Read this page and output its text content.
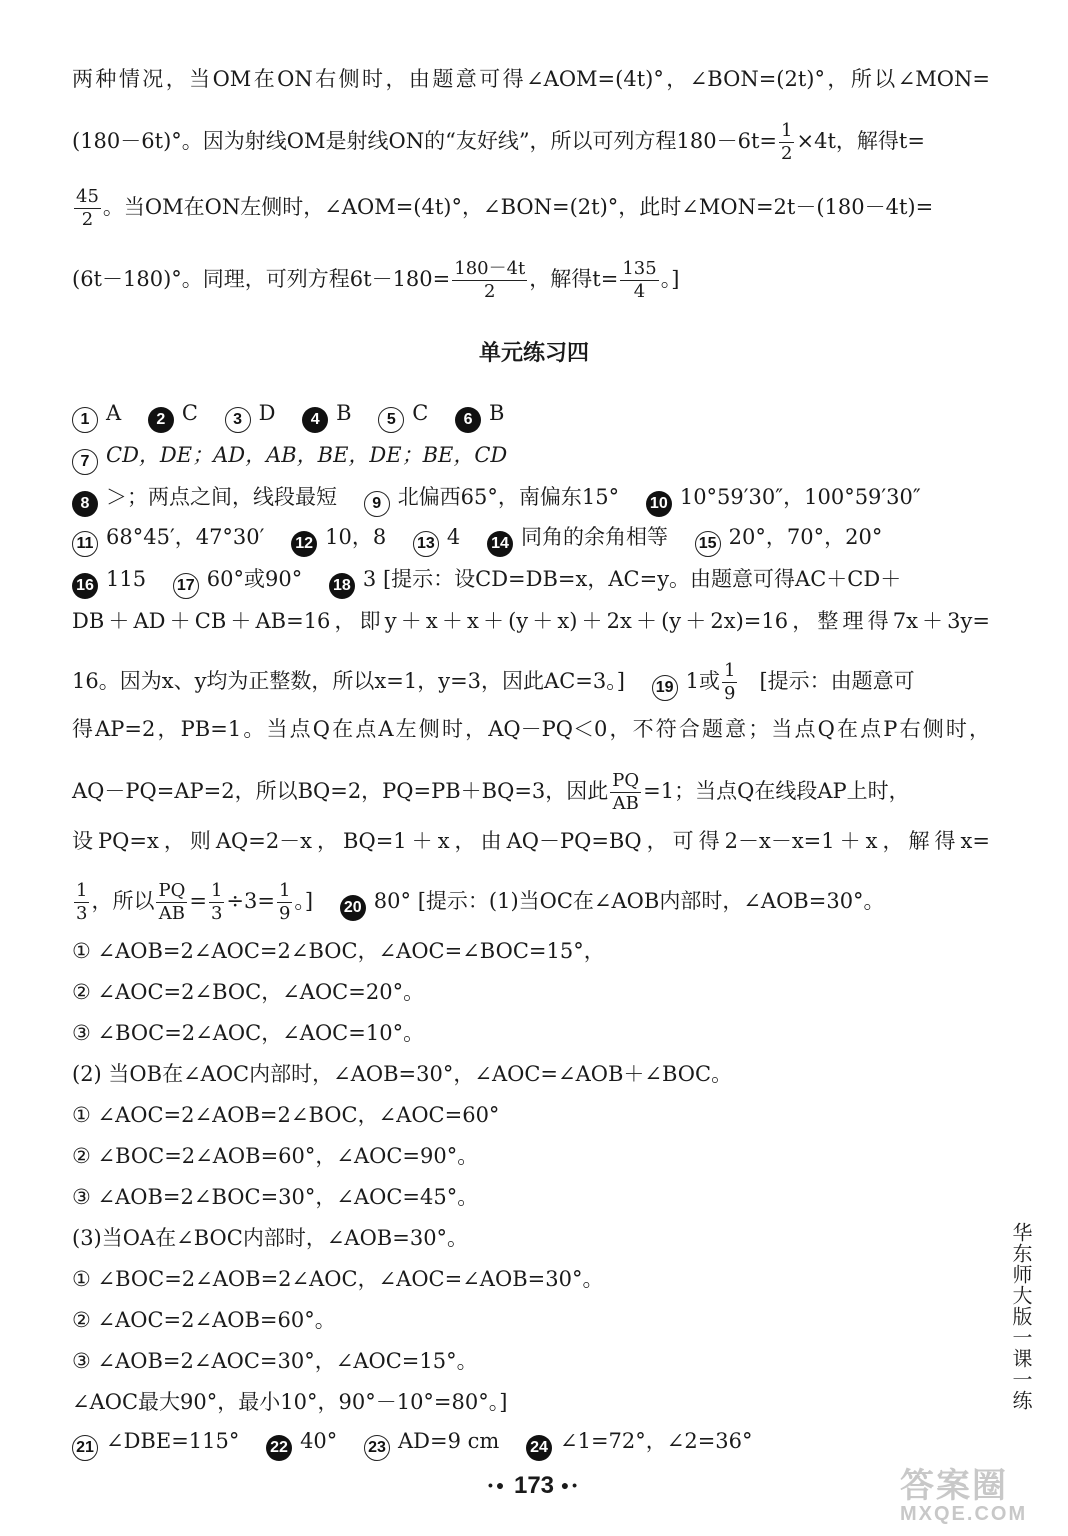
两种情况，当OM在ON右侧时，由题意可得∠AOM=(4t)°，∠BON=(2t)°，所以∠MON=
(180－6t)°。因为射线OM是射线ON的“友好线”，所以可列方程$180-6t= \frac{1}{2} \times 4t$，解得t=
$\frac{45}{2}$ 。当OM在ON左侧时，∠AOM=(4t)°，∠BON=(2t)°，此时∠MON=2t－(180－4t)=
(6t－180)°。同理，可列方程$6t-180= \frac{180-4t}{2}$ ，解得$t= \frac{135}{4}$ 。]
单元练习四
1 A 2 C 3 D 4 B 5 C 6 B
7 CD，DE；AD，AB，BE，DE；BE，CD
8 ＞；两点之间，线段最短 9 北偏西65°，南偏东15° 10 10°59′30″，100°59′30″
11 68°45′，47°30′ 12 10，8 13 4 14 同角的余角相等 15 20°，70°，20°
16 115 17 60°或90° 18 3 [提示：设CD=DB=x，AC=y。由题意可得AC＋CD＋
DB＋AD＋CB＋AB=16，即y＋x＋x＋(y＋x)＋2x＋(y＋2x)=16，整理得7x＋3y=
16。因为x、y均为正整数，所以x=1，y=3，因此AC=3。] 19 1或 $\frac{1}{9}$ [提示：由题意可
得AP=2，PB=1。当点Q在点A左侧时，AQ－PQ＜0，不符合题意；当点Q在点P右侧时，
AQ－PQ=AP=2，所以BQ=2，PQ=PB＋BQ=3，因此 $\frac{PQ}{AB} =1$；当点Q在线段AP上时，
设PQ=x，则AQ=2－x，BQ=1＋x，由AQ－PQ=BQ，可得2－x－x=1＋x，解得x=
$\frac{1}{3}$ ，所以 $\frac{PQ}{AB} = \frac{1}{3} \div 3= \frac{1}{9}$ 。] 20 80° [提示：(1)当OC在∠AOB内部时，∠AOB=30°。
① ∠AOB=2∠AOC=2∠BOC，∠AOC=∠BOC=15°，
② ∠AOC=2∠BOC，∠AOC=20°。
③ ∠BOC=2∠AOC，∠AOC=10°。
(2) 当OB在∠AOC内部时，∠AOB=30°，∠AOC=∠AOB＋∠BOC。
① ∠AOC=2∠AOB=2∠BOC，∠AOC=60°
② ∠BOC=2∠AOB=60°，∠AOC=90°。
③ ∠AOB=2∠BOC=30°，∠AOC=45°。
(3)当OA在∠BOC内部时，∠AOB=30°。
① ∠BOC=2∠AOB=2∠AOC，∠AOC=∠AOB=30°。
② ∠AOC=2∠AOB=60°。
③ ∠AOB=2∠AOC=30°，∠AOC=15°。
∠AOC最大90°，最小10°，90°－10°=80°。]
21 ∠DBE=115° 22 40° 23 AD=9 cm 24 ∠1=72°，∠2=36°
华东师大版一课一练
•● 173 ●•	答案圈
MXQE.COM
